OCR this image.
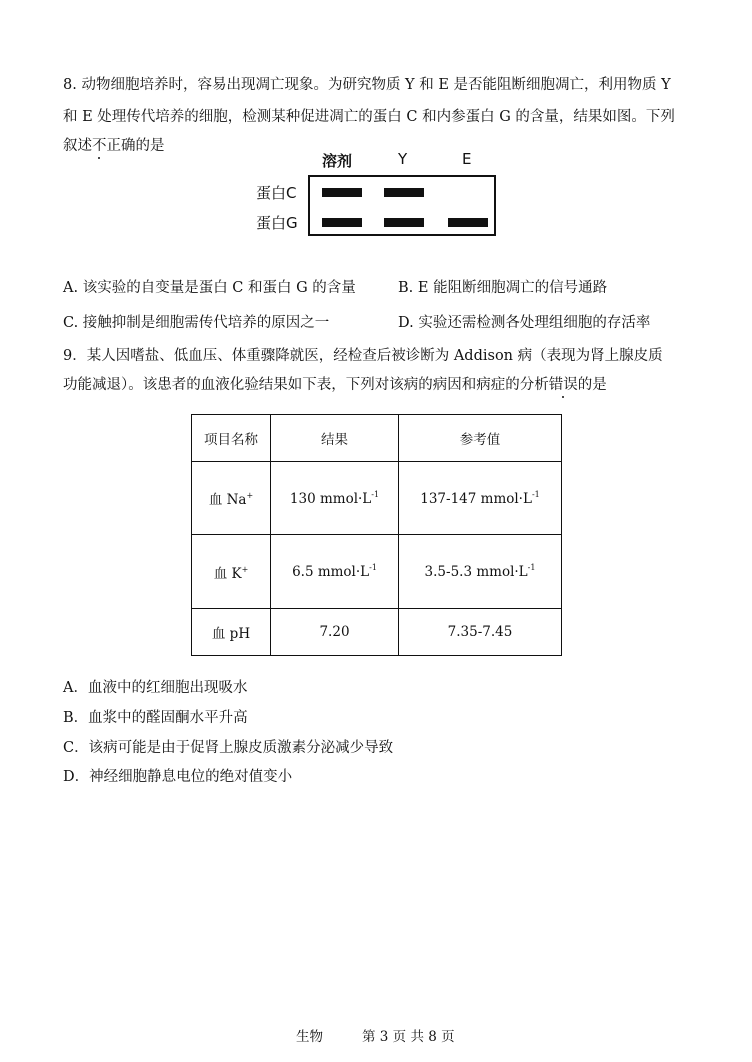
8. 动物细胞培养时，容易出现凋亡现象。为研究物质 Y 和 E 是否能阻断细胞凋亡，利用物质 Y
和 E 处理传代培养的细胞，检测某种促进凋亡的蛋白 C 和内参蛋白 G 的含量，结果如图。下列
叙述不正确的是
溶剂	Y	E
蛋白C
蛋白G
A. 该实验的自变量是蛋白 C 和蛋白 G 的含量	B. E 能阻断细胞凋亡的信号通路
C. 接触抑制是细胞需传代培养的原因之一	D. 实验还需检测各处理组细胞的存活率
9．某人因嗜盐、低血压、体重骤降就医，经检查后被诊断为 Addison 病（表现为肾上腺皮质
功能减退）。该患者的血液化验结果如下表，下列对该病的病因和病症的分析错误的是
项目名称	结果	参考值
血 Na+	130 $mmol\cdot L^{-1}$	137-147 $mmol\cdot L^{-1}$
血 K+	6.5 $mmol\cdot L^{-1}$	3.5-5.3 $mmol\cdot L^{-1}$
血 pH	7.20	7.35-7.45
A．血液中的红细胞出现吸水
B．血浆中的醛固酮水平升高
C．该病可能是由于促肾上腺皮质激素分泌减少导致
D．神经细胞静息电位的绝对值变小
生物	第 3 页 共 8 页
